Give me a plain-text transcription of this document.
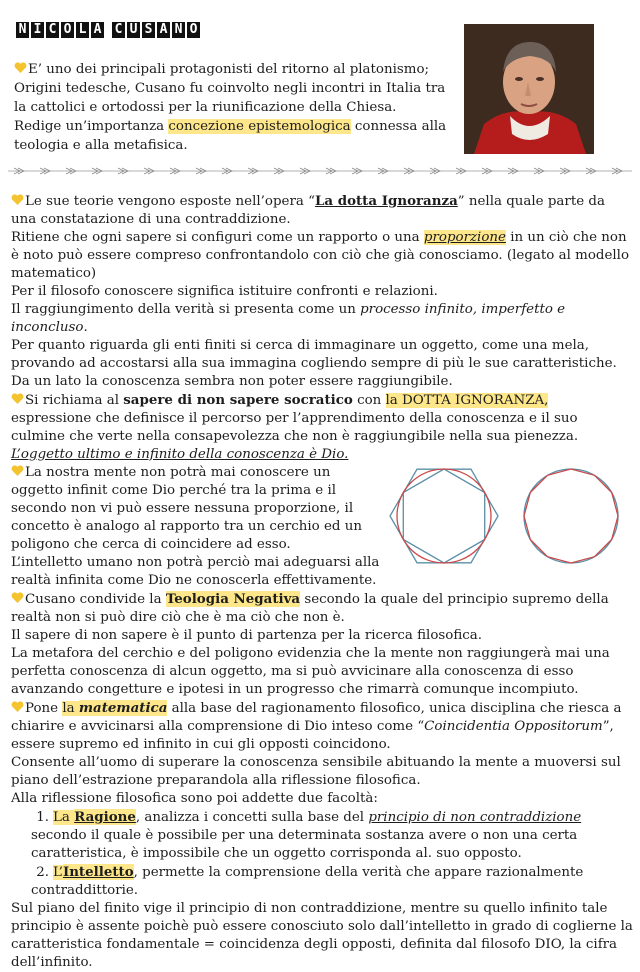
N I C O L A C U S A N O

E’ uno dei principali protagonisti del ritorno al platonismo;

Origini tedesche, Cusano fu coinvolto negli incontri in Italia tra la cattolici e ortodossi per la riunificazione della Chiesa.

Redige un’importanza concezione epistemologica connessa alla teologia e alla metafisica.

Le sue teorie vengono esposte nell’opera “La dotta Ignoranza” nella quale parte da una constatazione di una contraddizione.

Ritiene che ogni sapere si configuri come un rapporto o una proporzione in un ciò che non è noto può essere compreso confrontandolo con ciò che già conosciamo. (legato al modello matematico)

Per il filosofo conoscere significa istituire confronti e relazioni.

Il raggiungimento della verità si presenta come un processo infinito, imperfetto e inconcluso.

Per quanto riguarda gli enti finiti si cerca di immaginare un oggetto, come una mela, provando ad accostarsi alla sua immagina cogliendo sempre di più le sue caratteristiche.

Da un lato la conoscenza sembra non poter essere raggiungibile.

Si richiama al sapere di non sapere socratico con la DOTTA IGNORANZA, espressione che definisce il percorso per l’apprendimento della conoscenza e il suo culmine che verte nella consapevolezza che non è raggiungibile nella sua pienezza.

L’oggetto ultimo e infinito della conoscenza è Dio.

La nostra mente non potrà mai conoscere un oggetto infinit come Dio perché tra la prima e il secondo non vi può essere nessuna proporzione, il concetto è analogo al rapporto tra un cerchio ed un poligono che cerca di coincidere ad esso.

L’intelletto umano non potrà perciò mai adeguarsi alla realtà infinita come Dio ne conoscerla effettivamente.

Cusano condivide la Teologia Negativa secondo la quale del principio supremo della realtà non si può dire ciò che è ma ciò che non è.

Il sapere di non sapere è il punto di partenza per la ricerca filosofica.

La metafora del cerchio e del poligono evidenzia che la mente non raggiungerà mai una perfetta conoscenza di alcun oggetto, ma si può avvicinare alla conoscenza di esso avanzando congetture e ipotesi in un progresso che rimarrà comunque incompiuto.

Pone la matematica alla base del ragionamento filosofico, unica disciplina che riesca a chiarire e avvicinarsi alla comprensione di Dio inteso come “Coincidentia Oppositorum”, essere supremo ed infinito in cui gli opposti coincidono.

Consente all’uomo di superare la conoscenza sensibile abituando la mente a muoversi sul piano dell’estrazione preparandola alla riflessione filosofica.

Alla riflessione filosofica sono poi addette due facoltà:

1. La Ragione, analizza i concetti sulla base del principio di non contraddizione secondo il quale è possibile per una determinata sostanza avere o non una certa caratteristica, è impossibile che un oggetto corrisponda al. suo opposto.

2. L’Intelletto, permette la comprensione della verità che appare razionalmente contraddittorie.

Sul piano del finito vige il principio di non contraddizione, mentre su quello infinito tale principio è assente poichè può essere conosciuto solo dall’intelletto in grado di coglierne la caratteristica fondamentale = coincidenza degli opposti, definita dal filosofo DIO, la cifra dell’infinito.
